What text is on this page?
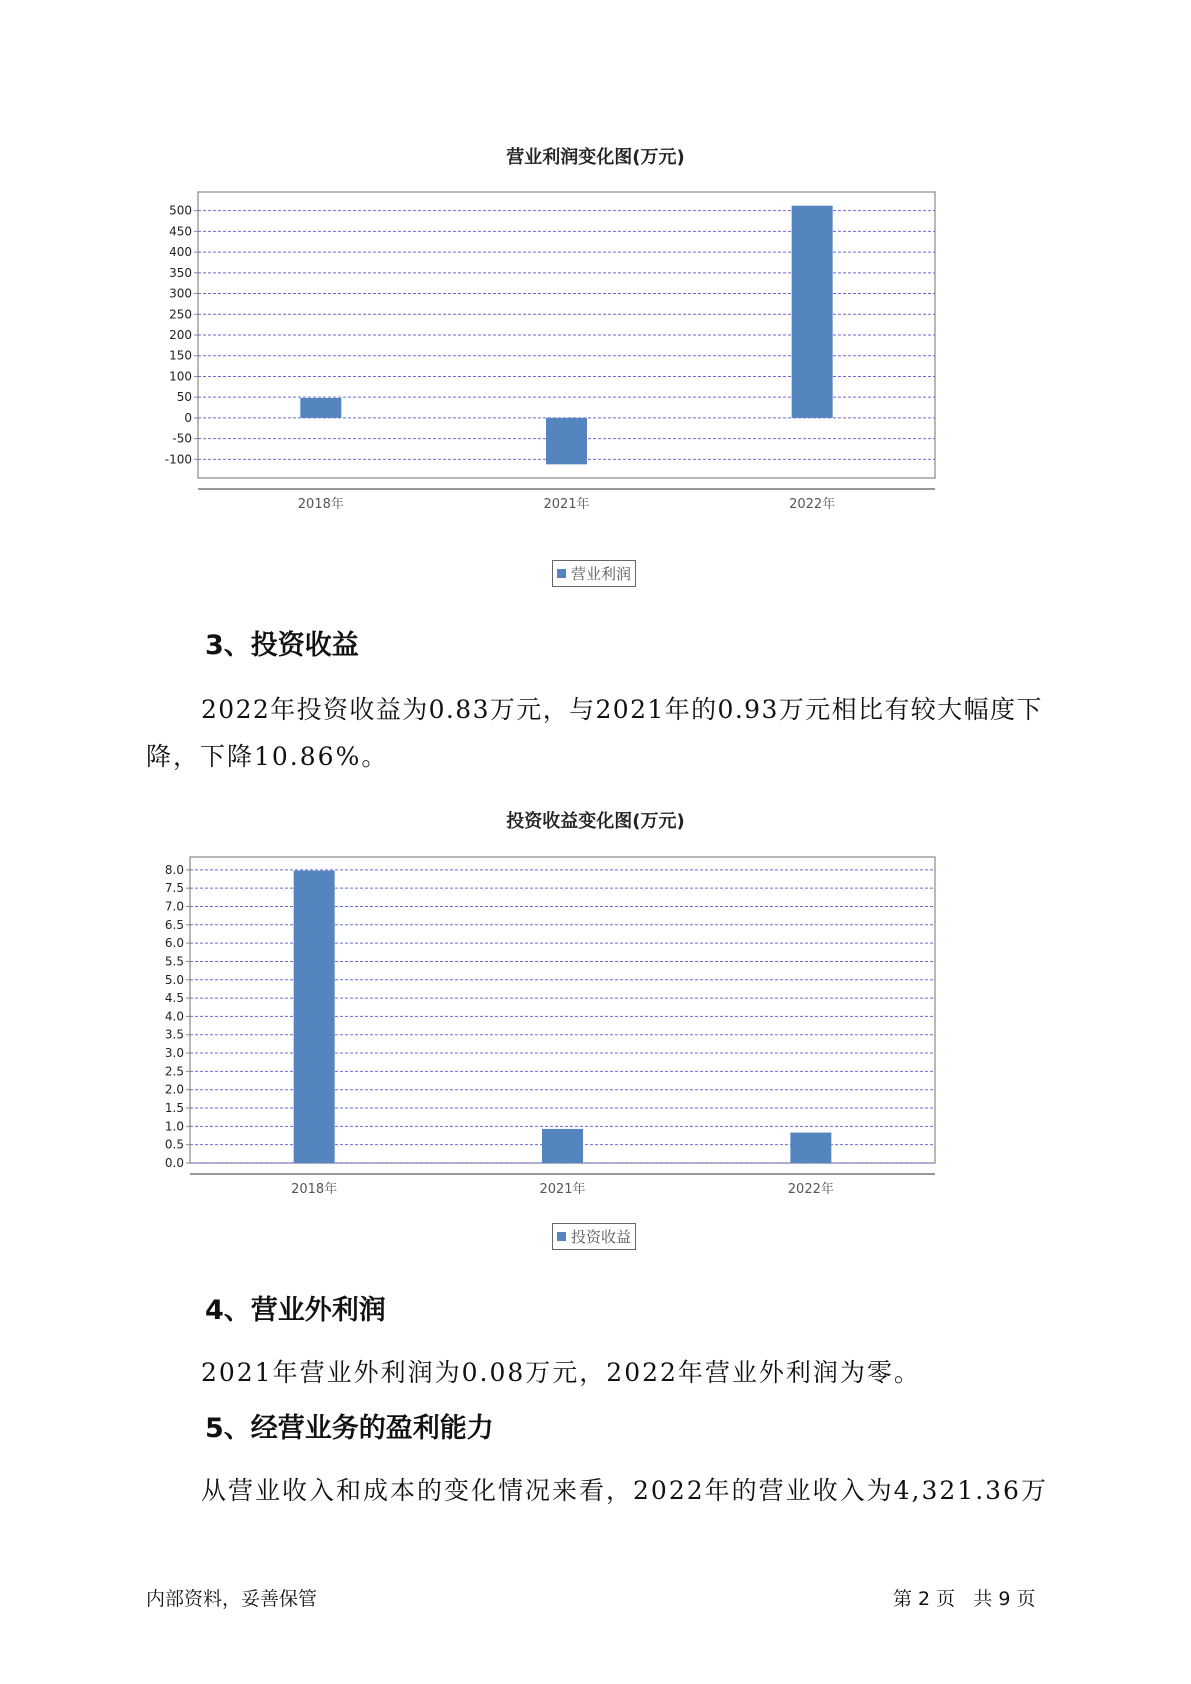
营业利润变化图(万元)
-100
-50
0
50
100
150
200
250
300
350
400
450
500
2018年	2021年	2022年
营业利润
3、投资收益
2022年投资收益为0.83万元，与2021年的0.93万元相比有较大幅度下
降，下降10.86%。
投资收益变化图(万元)
0.0
0.5
1.0
1.5
2.0
2.5
3.0
3.5
4.0
4.5
5.0
5.5
6.0
6.5
7.0
7.5
8.0
2018年	2021年	2022年
投资收益
4、营业外利润
2021年营业外利润为0.08万元，2022年营业外利润为零。
5、经营业务的盈利能力
从营业收入和成本的变化情况来看，2022年的营业收入为4,321.36万
内部资料，妥善保管	第 2 页   共 9 页
